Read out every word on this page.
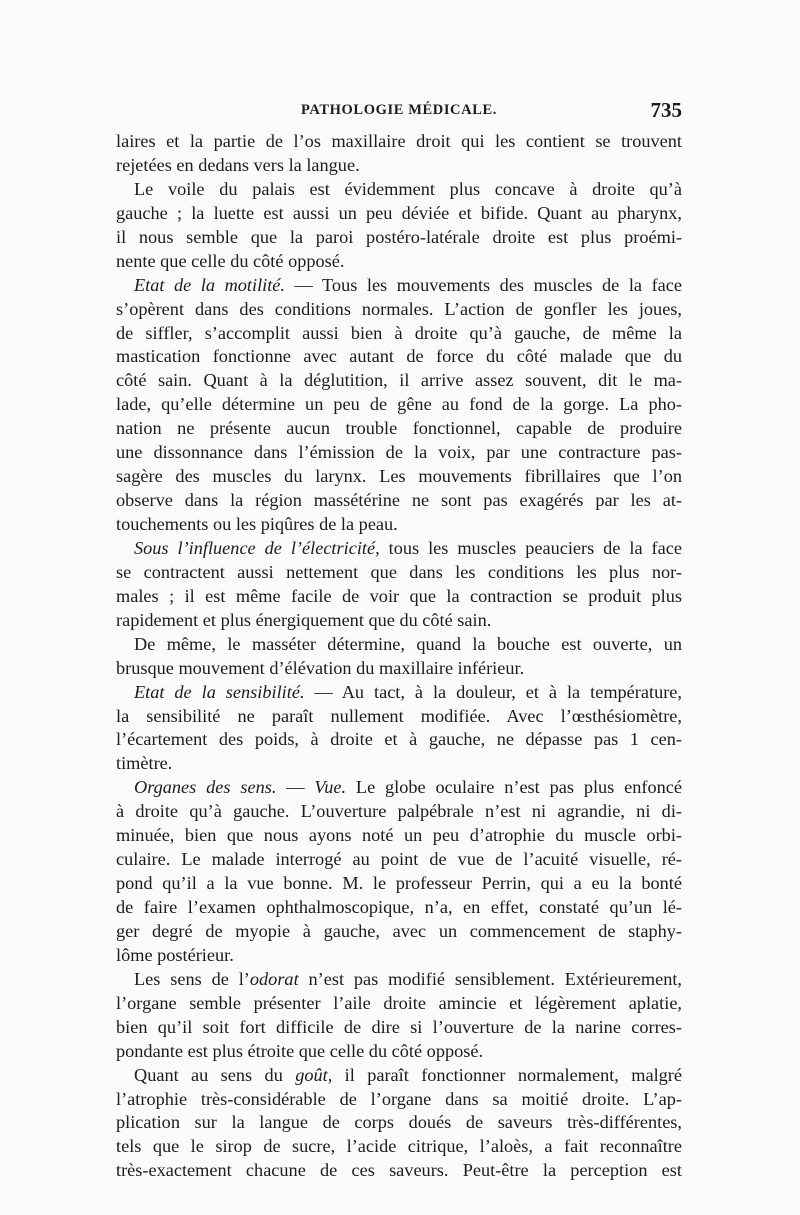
PATHOLOGIE MÉDICALE.	735
laires et la partie de l’os maxillaire droit qui les contient se trouvent
rejetées en dedans vers la langue.
Le voile du palais est évidemment plus concave à droite qu’à
gauche ; la luette est aussi un peu déviée et bifide. Quant au pharynx,
il nous semble que la paroi postéro-latérale droite est plus proémi-
nente que celle du côté opposé.
Etat de la motilité. — Tous les mouvements des muscles de la face
s’opèrent dans des conditions normales. L’action de gonfler les joues,
de siffler, s’accomplit aussi bien à droite qu’à gauche, de même la
mastication fonctionne avec autant de force du côté malade que du
côté sain. Quant à la déglutition, il arrive assez souvent, dit le ma-
lade, qu’elle détermine un peu de gêne au fond de la gorge. La pho-
nation ne présente aucun trouble fonctionnel, capable de produire
une dissonnance dans l’émission de la voix, par une contracture pas-
sagère des muscles du larynx. Les mouvements fibrillaires que l’on
observe dans la région massétérine ne sont pas exagérés par les at-
touchements ou les piqûres de la peau.
Sous l’influence de l’électricité, tous les muscles peauciers de la face
se contractent aussi nettement que dans les conditions les plus nor-
males ; il est même facile de voir que la contraction se produit plus
rapidement et plus énergiquement que du côté sain.
De même, le masséter détermine, quand la bouche est ouverte, un
brusque mouvement d’élévation du maxillaire inférieur.
Etat de la sensibilité. — Au tact, à la douleur, et à la température,
la sensibilité ne paraît nullement modifiée. Avec l’œsthésiomètre,
l’écartement des poids, à droite et à gauche, ne dépasse pas 1 cen-
timètre.
Organes des sens. — Vue. Le globe oculaire n’est pas plus enfoncé
à droite qu’à gauche. L’ouverture palpébrale n’est ni agrandie, ni di-
minuée, bien que nous ayons noté un peu d’atrophie du muscle orbi-
culaire. Le malade interrogé au point de vue de l’acuité visuelle, ré-
pond qu’il a la vue bonne. M. le professeur Perrin, qui a eu la bonté
de faire l’examen ophthalmoscopique, n’a, en effet, constaté qu’un lé-
ger degré de myopie à gauche, avec un commencement de staphy-
lôme postérieur.
Les sens de l’odorat n’est pas modifié sensiblement. Extérieurement,
l’organe semble présenter l’aile droite amincie et légèrement aplatie,
bien qu’il soit fort difficile de dire si l’ouverture de la narine corres-
pondante est plus étroite que celle du côté opposé.
Quant au sens du goût, il paraît fonctionner normalement, malgré
l’atrophie très-considérable de l’organe dans sa moitié droite. L’ap-
plication sur la langue de corps doués de saveurs très-différentes,
tels que le sirop de sucre, l’acide citrique, l’aloès, a fait reconnaître
très-exactement chacune de ces saveurs. Peut-être la perception est
